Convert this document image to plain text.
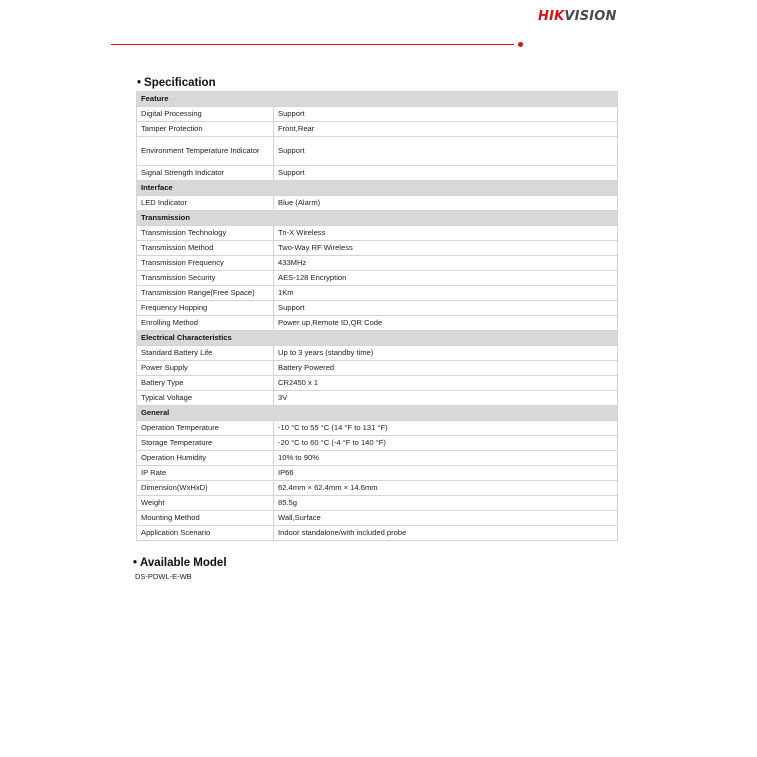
HIKVISION
• Specification
Feature	
Digital Processing	Support
Tamper Protection	Front,Rear
Environment Temperature Indicator	Support
Signal Strength Indicator	Support
Interface	
LED Indicator	Blue (Alarm)
Transmission	
Transmission Technology	Tri-X Wireless
Transmission Method	Two-Way RF Wireless
Transmission Frequency	433MHz
Transmission Security	AES-128 Encryption
Transmission Range(Free Space)	1Km
Frequency Hopping	Support
Enrolling Method	Power up,Remote ID,QR Code
Electrical Characteristics	
Standard Battery Life	Up to 3 years (standby time)
Power Supply	Battery Powered
Battery Type	CR2450 x 1
Typical Voltage	3V
General	
Operation Temperature	-10 °C to 55 °C (14 °F to 131 °F)
Storage Temperature	-20 °C to 60 °C (-4 °F to 140 °F)
Operation Humidity	10% to 90%
IP Rate	IP66
Dimension(WxHxD)	62.4mm × 62.4mm × 14.6mm
Weight	85.5g
Mounting Method	Wall,Surface
Application Scenario	Indoor standalone/with included probe
• Available Model
DS-PDWL-E-WB
